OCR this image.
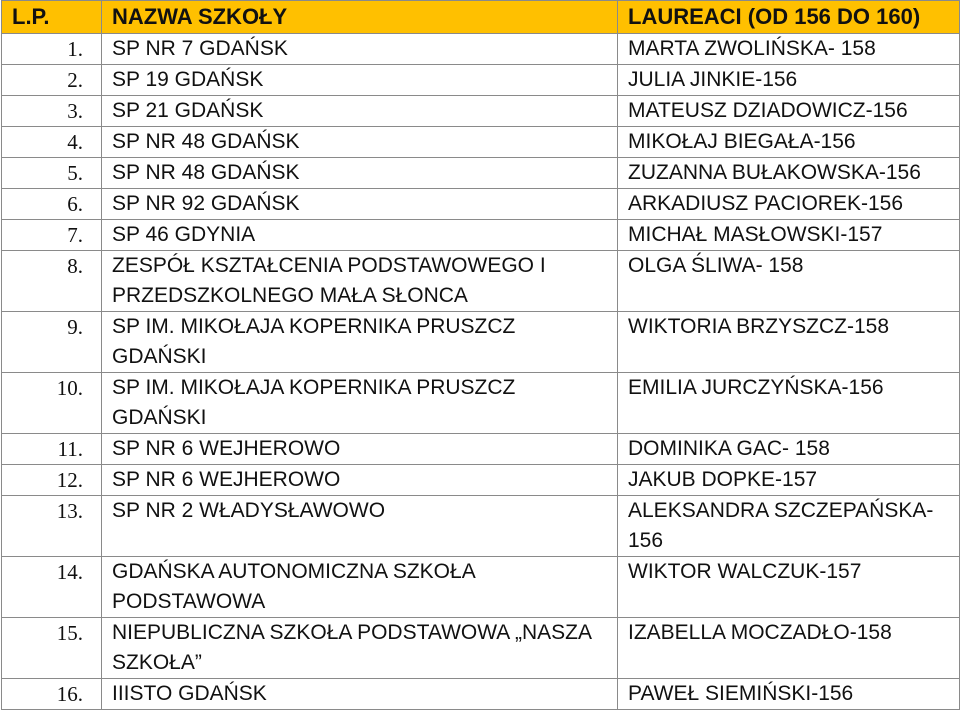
L.P.	NAZWA SZKOŁY	LAUREACI (OD 156 DO 160)
1.	SP NR 7 GDAŃSK	MARTA ZWOLIŃSKA- 158
2.	SP 19 GDAŃSK	JULIA JINKIE-156
3.	SP 21 GDAŃSK	MATEUSZ DZIADOWICZ-156
4.	SP NR 48 GDAŃSK	MIKOŁAJ BIEGAŁA-156
5.	SP NR 48 GDAŃSK	ZUZANNA BUŁAKOWSKA-156
6.	SP NR 92 GDAŃSK	ARKADIUSZ PACIOREK-156
7.	SP 46 GDYNIA	MICHAŁ MASŁOWSKI-157
8.	ZESPÓŁ KSZTAŁCENIA PODSTAWOWEGO I PRZEDSZKOLNEGO MAŁA SŁONCA	OLGA ŚLIWA- 158
9.	SP IM. MIKOŁAJA KOPERNIKA PRUSZCZ GDAŃSKI	WIKTORIA BRZYSZCZ-158
10.	SP IM. MIKOŁAJA KOPERNIKA PRUSZCZ GDAŃSKI	EMILIA JURCZYŃSKA-156
11.	SP NR 6 WEJHEROWO	DOMINIKA GAC- 158
12.	SP NR 6 WEJHEROWO	JAKUB DOPKE-157
13.	SP NR 2 WŁADYSŁAWOWO	ALEKSANDRA SZCZEPAŃSKA-156
14.	GDAŃSKA AUTONOMICZNA SZKOŁA PODSTAWOWA	WIKTOR WALCZUK-157
15.	NIEPUBLICZNA SZKOŁA PODSTAWOWA „NASZA SZKOŁA”	IZABELLA MOCZADŁO-158
16.	IIISTO GDAŃSK	PAWEŁ SIEMIŃSKI-156
